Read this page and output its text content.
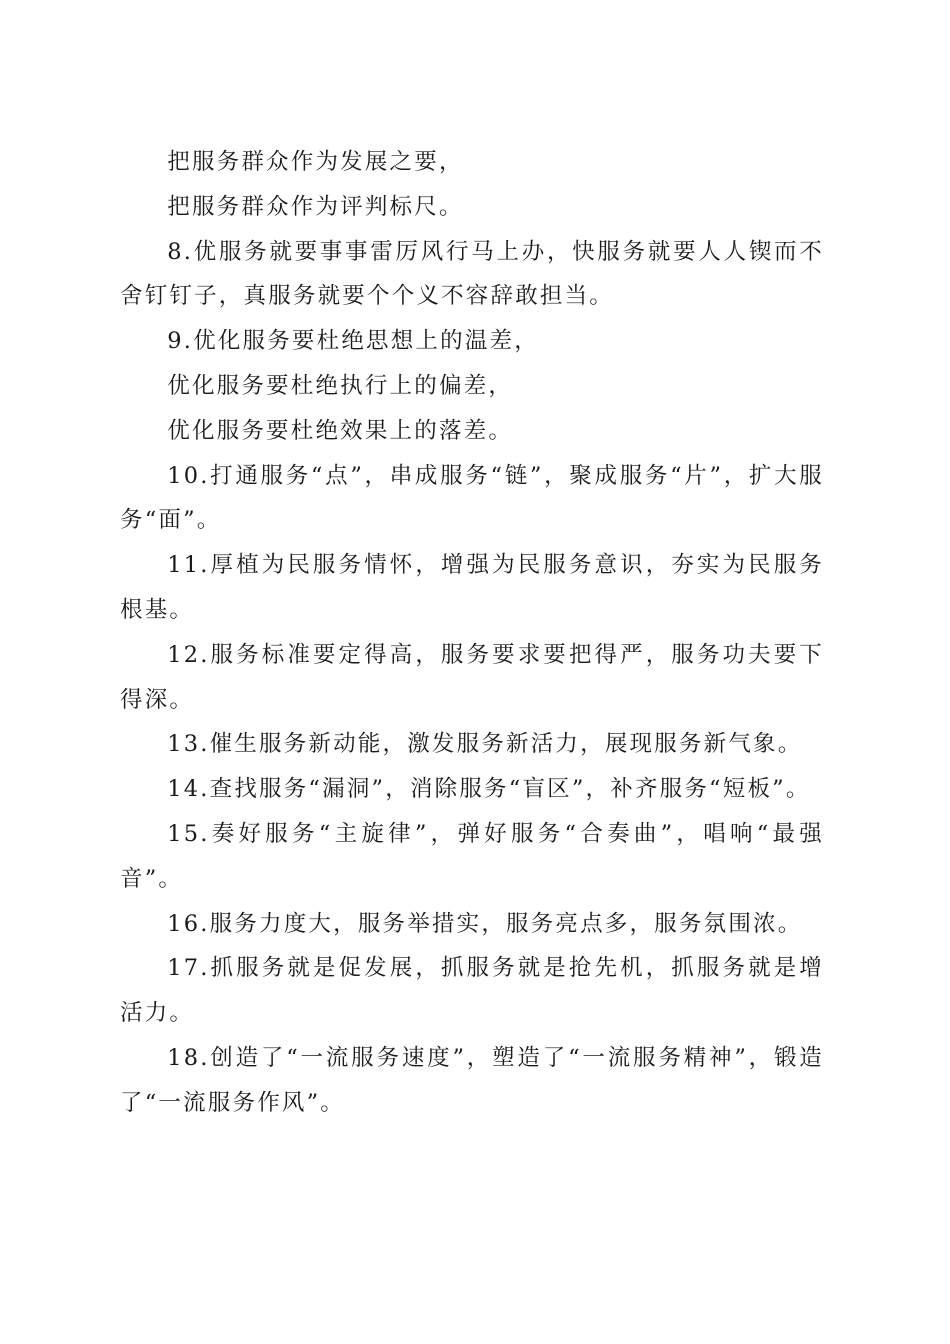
把服务群众作为发展之要，

把服务群众作为评判标尺。

8.优服务就要事事雷厉风行马上办，快服务就要人人锲而不舍钉钉子，真服务就要个个义不容辞敢担当。

9.优化服务要杜绝思想上的温差，

优化服务要杜绝执行上的偏差，

优化服务要杜绝效果上的落差。

10.打通服务“点”，串成服务“链”，聚成服务“片”，扩大服务“面”。

11.厚植为民服务情怀，增强为民服务意识，夯实为民服务根基。

12.服务标准要定得高，服务要求要把得严，服务功夫要下得深。

13.催生服务新动能，激发服务新活力，展现服务新气象。

14.查找服务“漏洞”，消除服务“盲区”，补齐服务“短板”。

15.奏好服务“主旋律”，弹好服务“合奏曲”，唱响“最强音”。

16.服务力度大，服务举措实，服务亮点多，服务氛围浓。

17.抓服务就是促发展，抓服务就是抢先机，抓服务就是增活力。

18.创造了“一流服务速度”，塑造了“一流服务精神”，锻造了“一流服务作风”。
